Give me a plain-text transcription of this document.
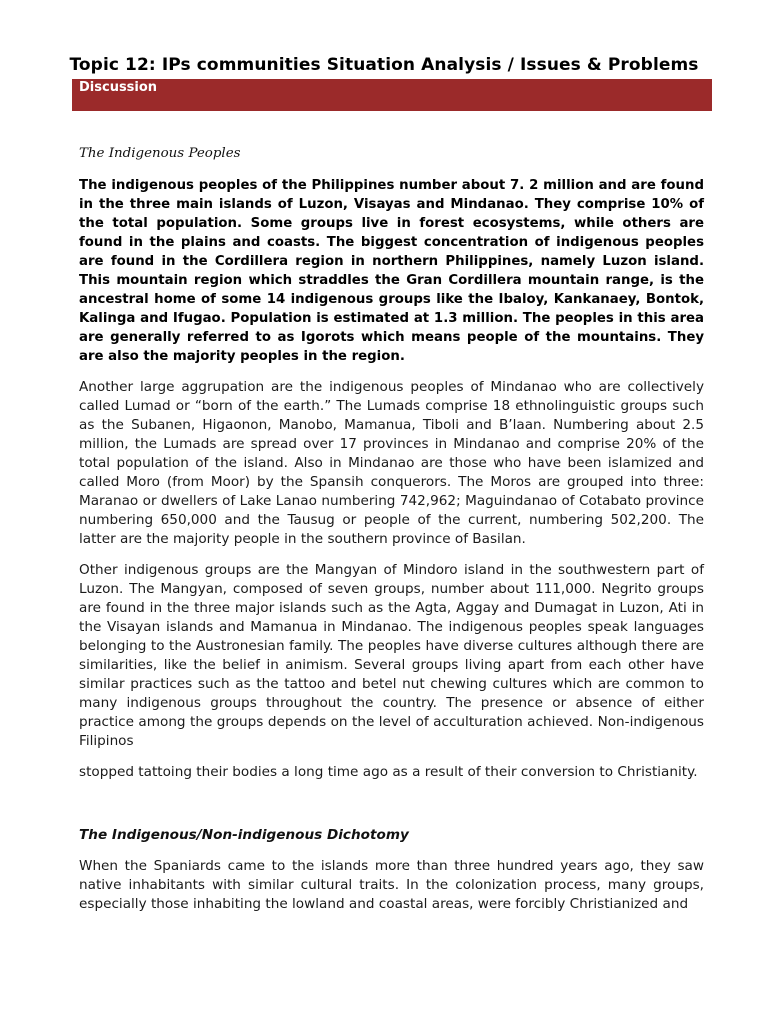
Topic 12: IPs communities Situation Analysis / Issues & Problems
Discussion
The Indigenous Peoples

The indigenous peoples of the Philippines number about 7. 2 million and are found in the three main islands of Luzon, Visayas and Mindanao. They comprise 10% of the total population. Some groups live in forest ecosystems, while others are found in the plains and coasts. The biggest concentration of indigenous peoples are found in the Cordillera region in northern Philippines, namely Luzon island. This mountain region which straddles the Gran Cordillera mountain range, is the ancestral home of some 14 indigenous groups like the Ibaloy, Kankanaey, Bontok, Kalinga and Ifugao. Population is estimated at 1.3 million. The peoples in this area are generally referred to as Igorots which means people of the mountains. They are also the majority peoples in the region.

Another large aggrupation are the indigenous peoples of Mindanao who are collectively called Lumad or “born of the earth.” The Lumads comprise 18 ethnolinguistic groups such as the Subanen, Higaonon, Manobo, Mamanua, Tiboli and B’laan. Numbering about 2.5 million, the Lumads are spread over 17 provinces in Mindanao and comprise 20% of the total population of the island. Also in Mindanao are those who have been islamized and called Moro (from Moor) by the Spansih conquerors. The Moros are grouped into three: Maranao or dwellers of Lake Lanao numbering 742,962; Maguindanao of Cotabato province numbering 650,000 and the Tausug or people of the current, numbering 502,200. The latter are the majority people in the southern province of Basilan.

Other indigenous groups are the Mangyan of Mindoro island in the southwestern part of Luzon. The Mangyan, composed of seven groups, number about 111,000. Negrito groups are found in the three major islands such as the Agta, Aggay and Dumagat in Luzon, Ati in the Visayan islands and Mamanua in Mindanao. The indigenous peoples speak languages belonging to the Austronesian family. The peoples have diverse cultures although there are similarities, like the belief in animism. Several groups living apart from each other have similar practices such as the tattoo and betel nut chewing cultures which are common to many indigenous groups throughout the country. The presence or absence of either practice among the groups depends on the level of acculturation achieved. Non-indigenous Filipinos

stopped tattoing their bodies a long time ago as a result of their conversion to Christianity.

The Indigenous/Non-indigenous Dichotomy

When the Spaniards came to the islands more than three hundred years ago, they saw native inhabitants with similar cultural traits. In the colonization process, many groups, especially those inhabiting the lowland and coastal areas, were forcibly Christianized and
